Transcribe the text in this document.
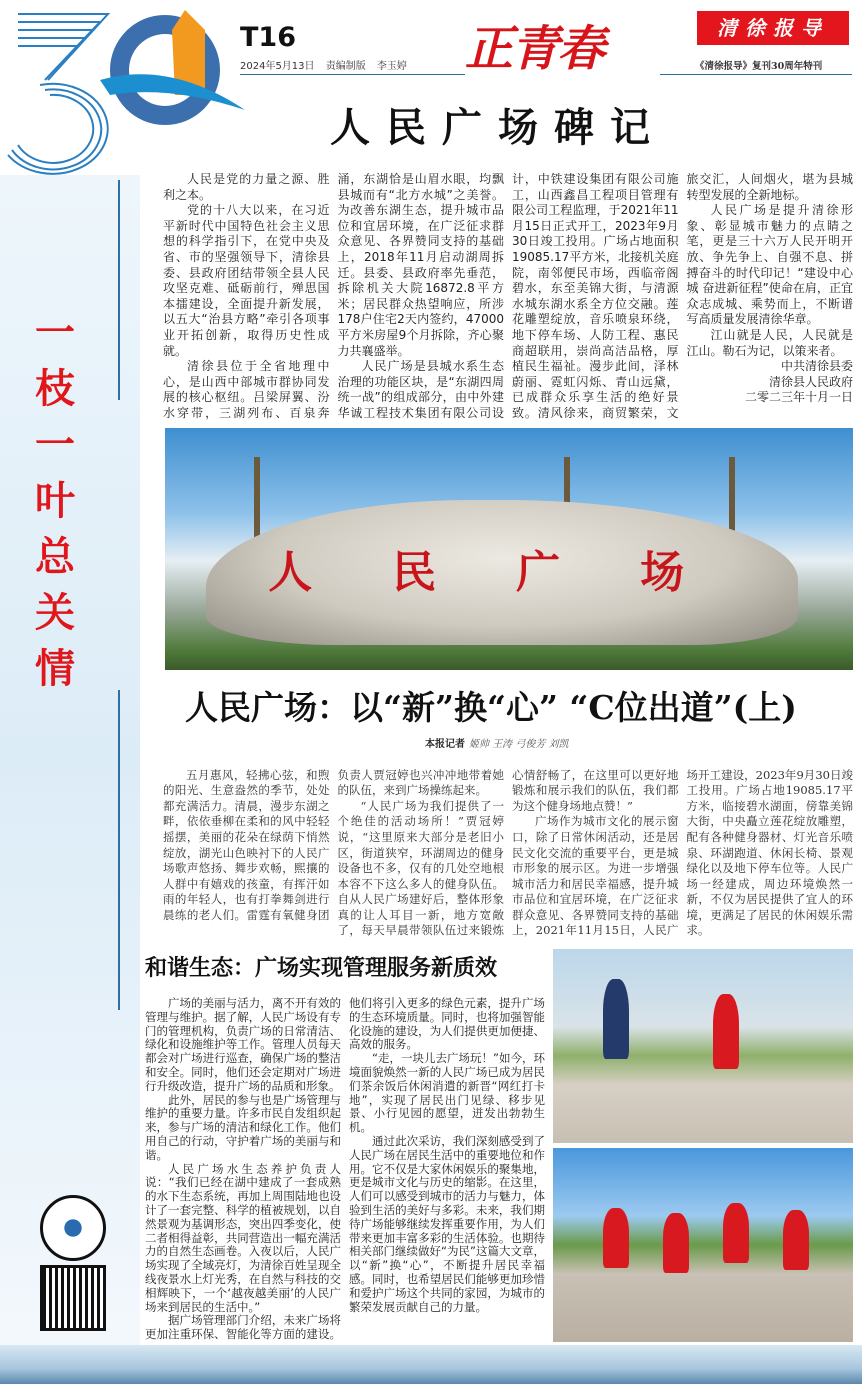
一枝一叶总关情
T16
2024年5月13日 责编制版 李玉婷 正青春	清徐报导
《清徐报导》复刊30周年特刊
人民广场碑记

人民是党的力量之源、胜利之本。

党的十八大以来，在习近平新时代中国特色社会主义思想的科学指引下，在党中央及省、市的坚强领导下，清徐县委、县政府团结带领全县人民攻坚克难、砥砺前行，殚思国本擂建设，全面提升新发展，以五大“治县方略”牵引各项事业开拓创新，取得历史性成就。

清徐县位于全省地理中心，是山西中部城市群协同发展的核心枢纽。吕梁屏翼、汾水穿带，三湖列布、百泉奔涌，东湖恰是山眉水眼，均飘县城而有“北方水城”之美誉。为改善东湖生态，提升城市品位和宜居环境，在广泛征求群众意见、各界赞同支持的基础上，2018年11月启动湖周拆迁。县委、县政府率先垂范，拆除机关大院16872.8平方米；居民群众热望响应，所涉178户住宅2天内签约，47000平方米房屋9个月拆除，齐心聚力共襄盛举。

人民广场是县城水系生态治理的功能区块，是“东湖四周统一战”的组成部分，由中外建华诚工程技术集团有限公司设计，中铁建设集团有限公司施工，山西鑫昌工程项目管理有限公司工程监理，于2021年11月15日正式开工，2023年9月30日竣工投用。广场占地面积19085.17平方米，北接机关庭院，南邻便民市场，西临帝阁碧水，东至美锦大街，与清源水城东湖水系全方位交融。莲花雕塑绽放，音乐喷泉环绕，地下停车场、人防工程、惠民商超联用，崇尚高洁品格，厚植民生福祉。漫步此间，泽林蔚丽、霓虹闪烁、青山远黛，已成群众乐享生活的绝好景致。清风徐来，商贸繁荣，文旅交汇，人间烟火，堪为县城转型发展的全新地标。

人民广场是提升清徐形象、彰显城市魅力的点睛之笔，更是三十六万人民开明开放、争先争上、自强不息、拼搏奋斗的时代印记！“建设中心城 奋进新征程”使命在肩，正宜众志成城、乘势而上，不断谱写高质量发展清徐华章。

江山就是人民，人民就是江山。勒石为记，以策来者。

中共清徐县委
清徐县人民政府
二零二三年十月一日
人民广场
人民广场：以“新”换“心” “C位出道”(上)
本报记者 姬帅 王涛 弓俊芳 刘凯

五月惠风，轻拂心弦，和煦的阳光、生意盎然的季节，处处都充满活力。清晨，漫步东湖之畔，依依垂柳在柔和的风中轻轻摇摆，美丽的花朵在绿荫下悄然绽放，湖光山色映衬下的人民广场歌声悠扬、舞步欢畅，熙攘的人群中有嬉戏的孩童，有挥汗如雨的年轻人，也有打拳舞剑进行晨练的老人们。雷霆有氧健身团负责人贾冠婷也兴冲冲地带着她的队伍，来到广场操练起来。

“人民广场为我们提供了一个绝佳的活动场所！”贾冠婷说，“这里原来大部分是老旧小区，街道狭窄，环湖周边的健身设备也不多，仅有的几处空地根本容不下这么多人的健身队伍。自从人民广场建好后，整体形象真的让人耳目一新，地方宽敞了，每天早晨带领队伍过来锻炼心情舒畅了，在这里可以更好地锻炼和展示我们的队伍，我们都为这个健身场地点赞！”

广场作为城市文化的展示窗口，除了日常休闲活动，还是居民文化交流的重要平台，更是城市形象的展示区。为进一步增强城市活力和居民幸福感，提升城市品位和宜居环境，在广泛征求群众意见、各界赞同支持的基础上，2021年11月15日，人民广场开工建设，2023年9月30日竣工投用。广场占地19085.17平方米，临接碧水湖面，傍靠美锦大街，中央矗立莲花绽放雕塑，配有各种健身器材、灯光音乐喷泉、环湖跑道、休闲长椅、景观绿化以及地下停车位等。人民广场一经建成，周边环境焕然一新，不仅为居民提供了宜人的环境，更满足了居民的休闲娱乐需求。

和谐生态：广场实现管理服务新质效

广场的美丽与活力，离不开有效的管理与维护。据了解，人民广场设有专门的管理机构，负责广场的日常清洁、绿化和设施维护等工作。管理人员每天都会对广场进行巡查，确保广场的整洁和安全。同时，他们还会定期对广场进行升级改造，提升广场的品质和形象。

此外，居民的参与也是广场管理与维护的重要力量。许多市民自发组织起来，参与广场的清洁和绿化工作。他们用自己的行动，守护着广场的美丽与和谐。

人民广场水生态养护负责人说：“我们已经在湖中建成了一套成熟的水下生态系统，再加上周围陆地也设计了一套完整、科学的植被规划，以自然景观为基调形态，突出四季变化，使二者相得益彰，共同营造出一幅充满活力的自然生态画卷。入夜以后，人民广场实现了全域亮灯，为清徐百姓呈现全线夜景水上灯光秀，在自然与科技的交相辉映下，一个‘越夜越美丽’的人民广场来到居民的生活中。”

据广场管理部门介绍，未来广场将更加注重环保、智能化等方面的建设。他们将引入更多的绿色元素，提升广场的生态环境质量。同时，也将加强智能化设施的建设，为人们提供更加便捷、高效的服务。

“走，一块儿去广场玩！”如今，环境面貌焕然一新的人民广场已成为居民们茶余饭后休闲消遣的新晋“网红打卡地”，实现了居民出门见绿、移步见景、小行见园的愿望，迸发出勃勃生机。

通过此次采访，我们深刻感受到了人民广场在居民生活中的重要地位和作用。它不仅是大家休闲娱乐的聚集地，更是城市文化与历史的缩影。在这里，人们可以感受到城市的活力与魅力，体验到生活的美好与多彩。未来，我们期待广场能够继续发挥重要作用，为人们带来更加丰富多彩的生活体验。也期待相关部门继续做好“为民”这篇大文章，以“新”换“心”，不断提升居民幸福感。同时，也希望居民们能够更加珍惜和爱护广场这个共同的家园，为城市的繁荣发展贡献自己的力量。
